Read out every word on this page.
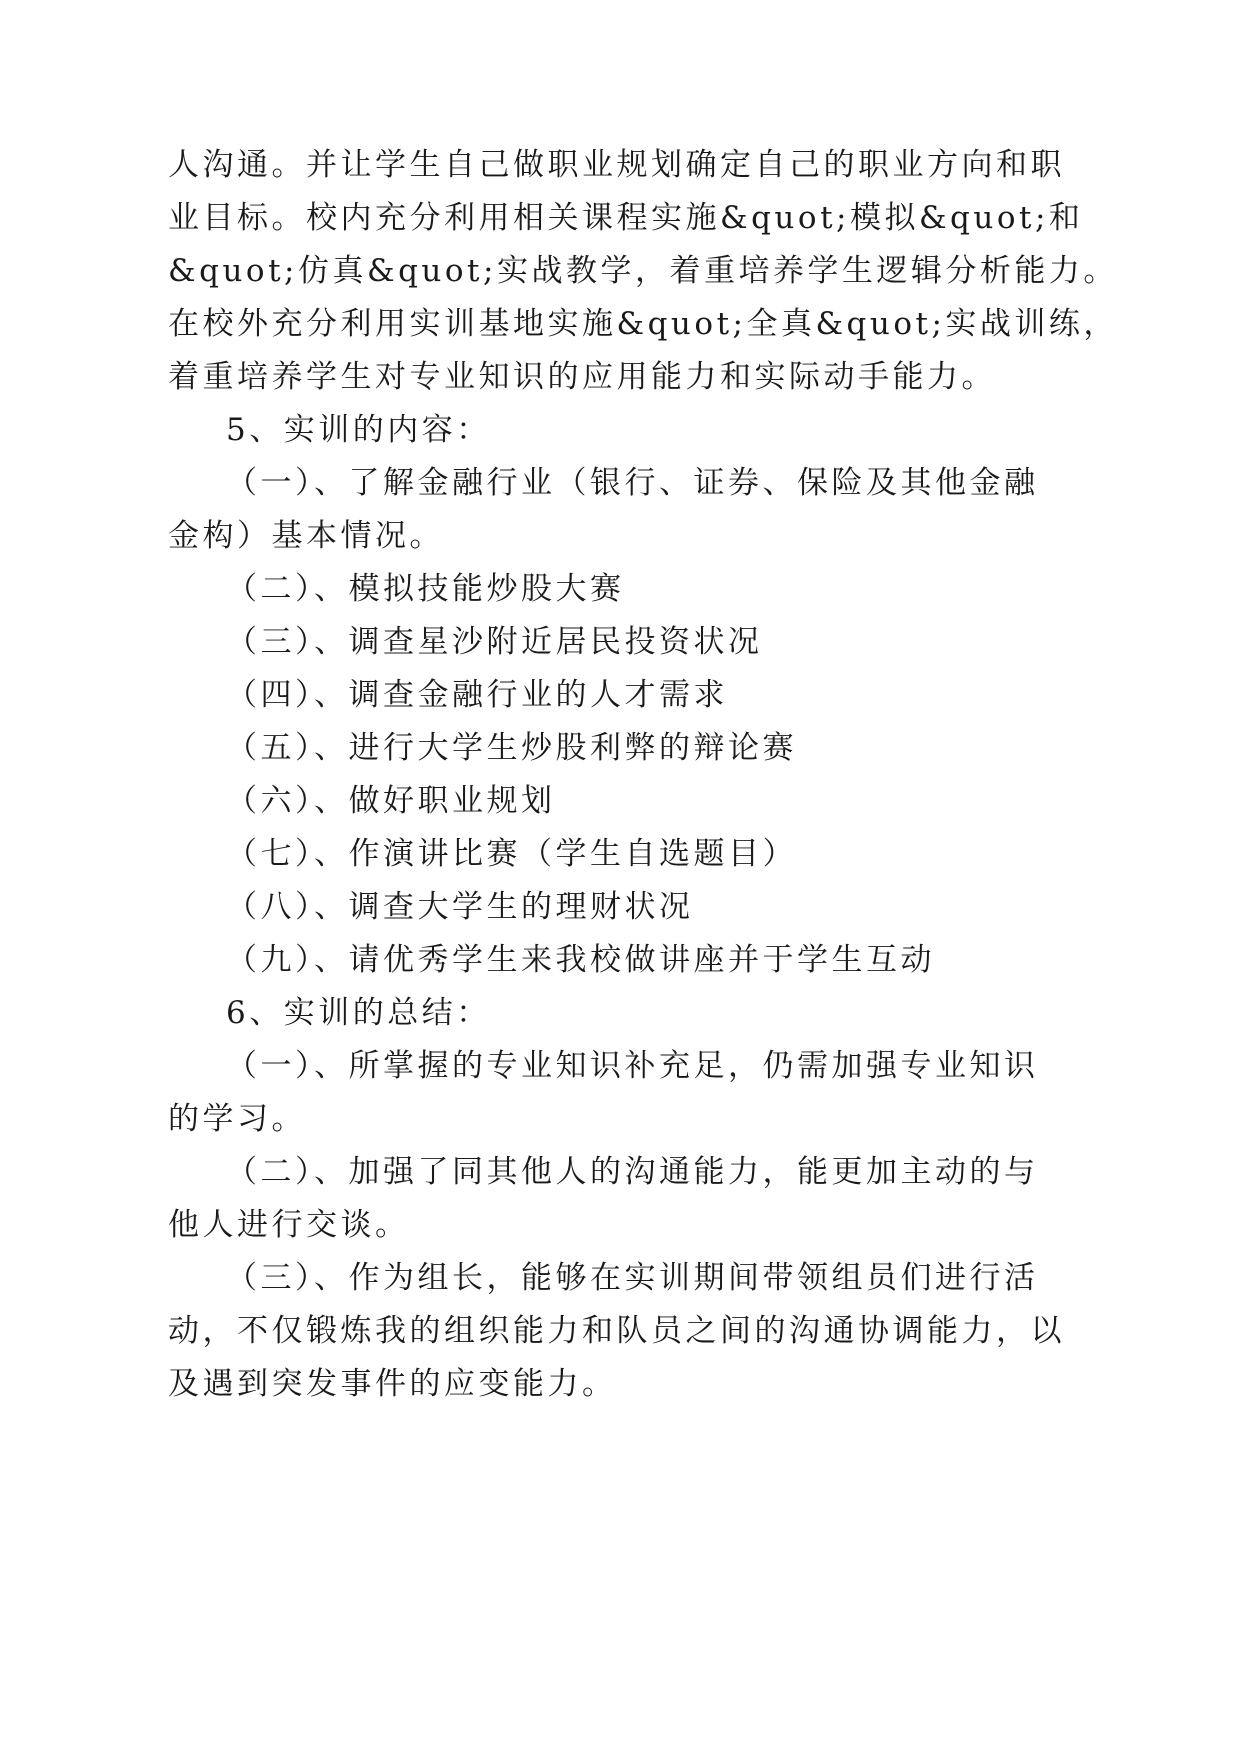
人沟通。并让学生自己做职业规划确定自己的职业方向和职
业目标。校内充分利用相关课程实施&quot;模拟&quot;和
&quot;仿真&quot;实战教学，着重培养学生逻辑分析能力。
在校外充分利用实训基地实施&quot;全真&quot;实战训练，
着重培养学生对专业知识的应用能力和实际动手能力。
5、实训的内容：
（一）、了解金融行业（银行、证券、保险及其他金融
金构）基本情况。
（二）、模拟技能炒股大赛
（三）、调查星沙附近居民投资状况
（四）、调查金融行业的人才需求
（五）、进行大学生炒股利弊的辩论赛
（六）、做好职业规划
（七）、作演讲比赛（学生自选题目）
（八）、调查大学生的理财状况
（九）、请优秀学生来我校做讲座并于学生互动
6、实训的总结：
（一）、所掌握的专业知识补充足，仍需加强专业知识
的学习。
（二）、加强了同其他人的沟通能力，能更加主动的与
他人进行交谈。
（三）、作为组长，能够在实训期间带领组员们进行活
动，不仅锻炼我的组织能力和队员之间的沟通协调能力，以
及遇到突发事件的应变能力。
